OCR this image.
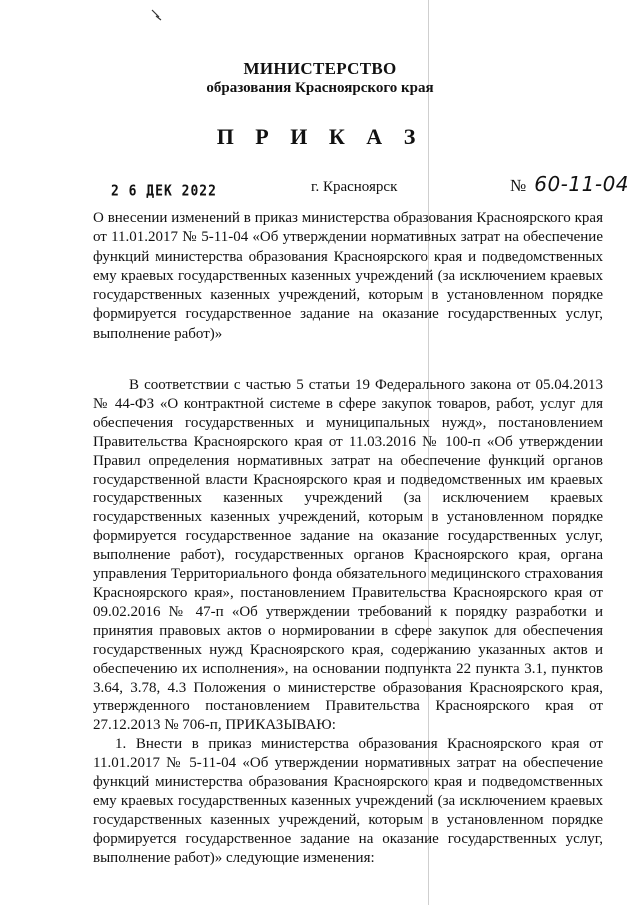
МИНИСТЕРСТВО
образования Красноярского края
П Р И К А З
2 6 ДЕК 2022	г. Красноярск	№ 60-11-04
О внесении изменений в приказ министерства образования Красноярского края от 11.01.2017 № 5-11-04 «Об утверждении нормативных затрат на обеспечение функций министерства образования Красноярского края и подведомственных ему краевых государственных казенных учреждений (за исключением краевых государственных казенных учреждений, которым в установленном порядке формируется государственное задание на оказание государственных услуг, выполнение работ)»

В соответствии с частью 5 статьи 19 Федерального закона от 05.04.2013 № 44-ФЗ «О контрактной системе в сфере закупок товаров, работ, услуг для обеспечения государственных и муниципальных нужд», постановлением Правительства Красноярского края от 11.03.2016 № 100-п «Об утверждении Правил определения нормативных затрат на обеспечение функций органов государственной власти Красноярского края и подведомственных им краевых государственных казенных учреждений (за исключением краевых государственных казенных учреждений, которым в установленном порядке формируется государственное задание на оказание государственных услуг, выполнение работ), государственных органов Красноярского края, органа управления Территориального фонда обязательного медицинского страхования Красноярского края», постановлением Правительства Красноярского края от 09.02.2016 № 47-п «Об утверждении требований к порядку разработки и принятия правовых актов о нормировании в сфере закупок для обеспечения государственных нужд Красноярского края, содержанию указанных актов и обеспечению их исполнения», на основании подпункта 22 пункта 3.1, пунктов 3.64, 3.78, 4.3 Положения о министерстве образования Красноярского края, утвержденного постановлением Правительства Красноярского края от 27.12.2013 № 706-п, ПРИКАЗЫВАЮ:

1. Внести в приказ министерства образования Красноярского края от 11.01.2017 № 5-11-04 «Об утверждении нормативных затрат на обеспечение функций министерства образования Красноярского края и подведомственных ему краевых государственных казенных учреждений (за исключением краевых государственных казенных учреждений, которым в установленном порядке формируется государственное задание на оказание государственных услуг, выполнение работ)» следующие изменения:
